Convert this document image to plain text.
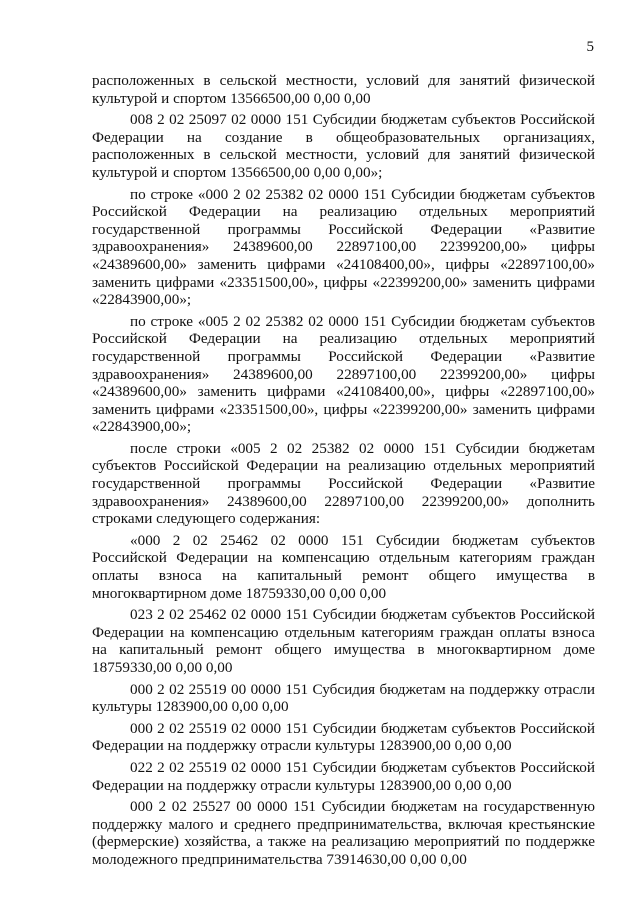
5

расположенных в сельской местности, условий для занятий физической культурой и спортом 13566500,00 0,00 0,00

008 2 02 25097 02 0000 151 Субсидии бюджетам субъектов Российской Федерации на создание в общеобразовательных организациях, расположенных в сельской местности, условий для занятий физической культурой и спортом 13566500,00 0,00 0,00»;

по строке «000 2 02 25382 02 0000 151 Субсидии бюджетам субъектов Российской Федерации на реализацию отдельных мероприятий государственной программы Российской Федерации «Развитие здравоохранения» 24389600,00 22897100,00 22399200,00» цифры «24389600,00» заменить цифрами «24108400,00», цифры «22897100,00» заменить цифрами «23351500,00», цифры «22399200,00» заменить цифрами «22843900,00»;

по строке «005 2 02 25382 02 0000 151 Субсидии бюджетам субъектов Российской Федерации на реализацию отдельных мероприятий государственной программы Российской Федерации «Развитие здравоохранения» 24389600,00 22897100,00 22399200,00» цифры «24389600,00» заменить цифрами «24108400,00», цифры «22897100,00» заменить цифрами «23351500,00», цифры «22399200,00» заменить цифрами «22843900,00»;

после строки «005 2 02 25382 02 0000 151 Субсидии бюджетам субъектов Российской Федерации на реализацию отдельных мероприятий государственной программы Российской Федерации «Развитие здравоохранения» 24389600,00 22897100,00 22399200,00» дополнить строками следующего содержания:

«000 2 02 25462 02 0000 151 Субсидии бюджетам субъектов Российской Федерации на компенсацию отдельным категориям граждан оплаты взноса на капитальный ремонт общего имущества в многоквартирном доме 18759330,00 0,00 0,00

023 2 02 25462 02 0000 151 Субсидии бюджетам субъектов Российской Федерации на компенсацию отдельным категориям граждан оплаты взноса на капитальный ремонт общего имущества в многоквартирном доме 18759330,00 0,00 0,00

000 2 02 25519 00 0000 151 Субсидия бюджетам на поддержку отрасли культуры 1283900,00 0,00 0,00

000 2 02 25519 02 0000 151 Субсидии бюджетам субъектов Российской Федерации на поддержку отрасли культуры 1283900,00 0,00 0,00

022 2 02 25519 02 0000 151 Субсидии бюджетам субъектов Российской Федерации на поддержку отрасли культуры 1283900,00 0,00 0,00

000 2 02 25527 00 0000 151 Субсидии бюджетам на государственную поддержку малого и среднего предпринимательства, включая крестьянские (фермерские) хозяйства, а также на реализацию мероприятий по поддержке молодежного предпринимательства 73914630,00 0,00 0,00
